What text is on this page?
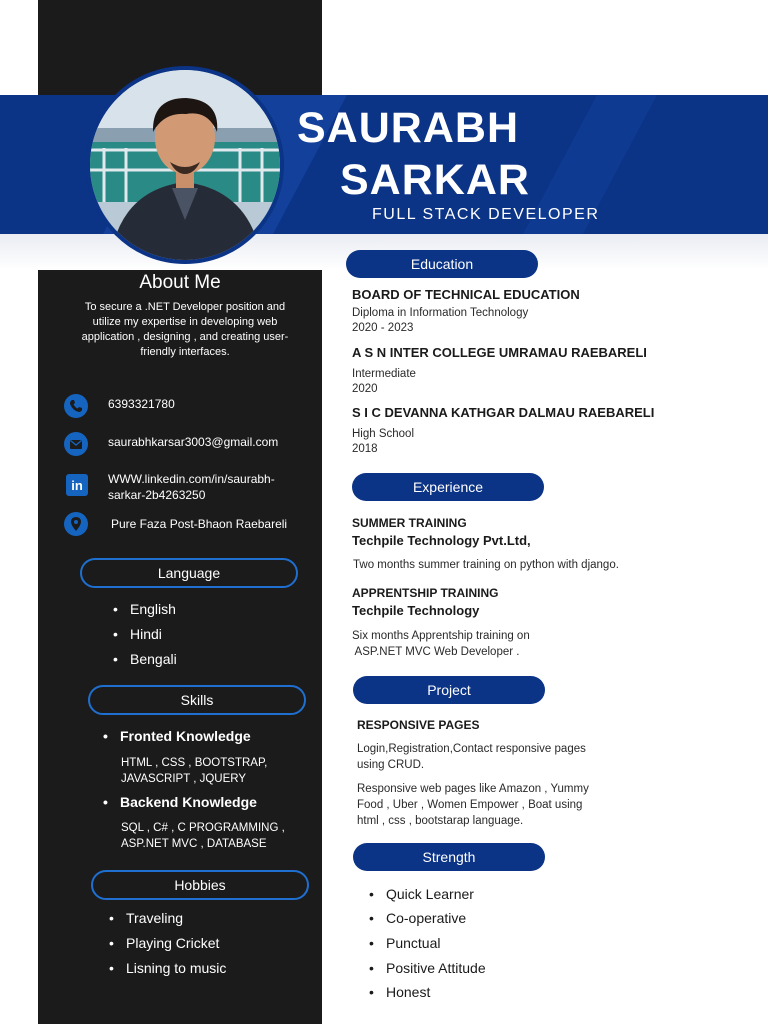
SAURABH
SARKAR
FULL STACK DEVELOPER
About Me
To secure a .NET Developer position and utilize my expertise in developing web application , designing , and creating user-friendly interfaces.
6393321780
saurabhkarsar3003@gmail.com
in WWW.linkedin.com/in/saurabh-
sarkar-2b4263250
Pure Faza Post-Bhaon Raebareli
Language
• English
• Hindi
• Bengali
Skills
• Fronted Knowledge
HTML , CSS , BOOTSTRAP,
JAVASCRIPT , JQUERY
• Backend Knowledge
SQL , C# , C PROGRAMMING ,
ASP.NET MVC , DATABASE
Hobbies
• Traveling
• Playing Cricket
• Lisning to music
Education
BOARD OF TECHNICAL EDUCATION
Diploma in Information Technology
2020 - 2023
A S N INTER COLLEGE UMRAMAU RAEBARELI
Intermediate
2020
S I C DEVANNA KATHGAR DALMAU RAEBARELI
High School
2018
Experience
SUMMER TRAINING
Techpile Technology Pvt.Ltd,
Two months summer training on python with django.
APPRENTSHIP TRAINING
Techpile Technology
Six months Apprentship training on
ASP.NET MVC Web Developer .
Project
RESPONSIVE PAGES
Login,Registration,Contact responsive pages
using CRUD.
Responsive web pages like Amazon , Yummy
Food , Uber , Women Empower , Boat using
html , css , bootstarap language.
Strength
• Quick Learner
• Co-operative
• Punctual
• Positive Attitude
• Honest
